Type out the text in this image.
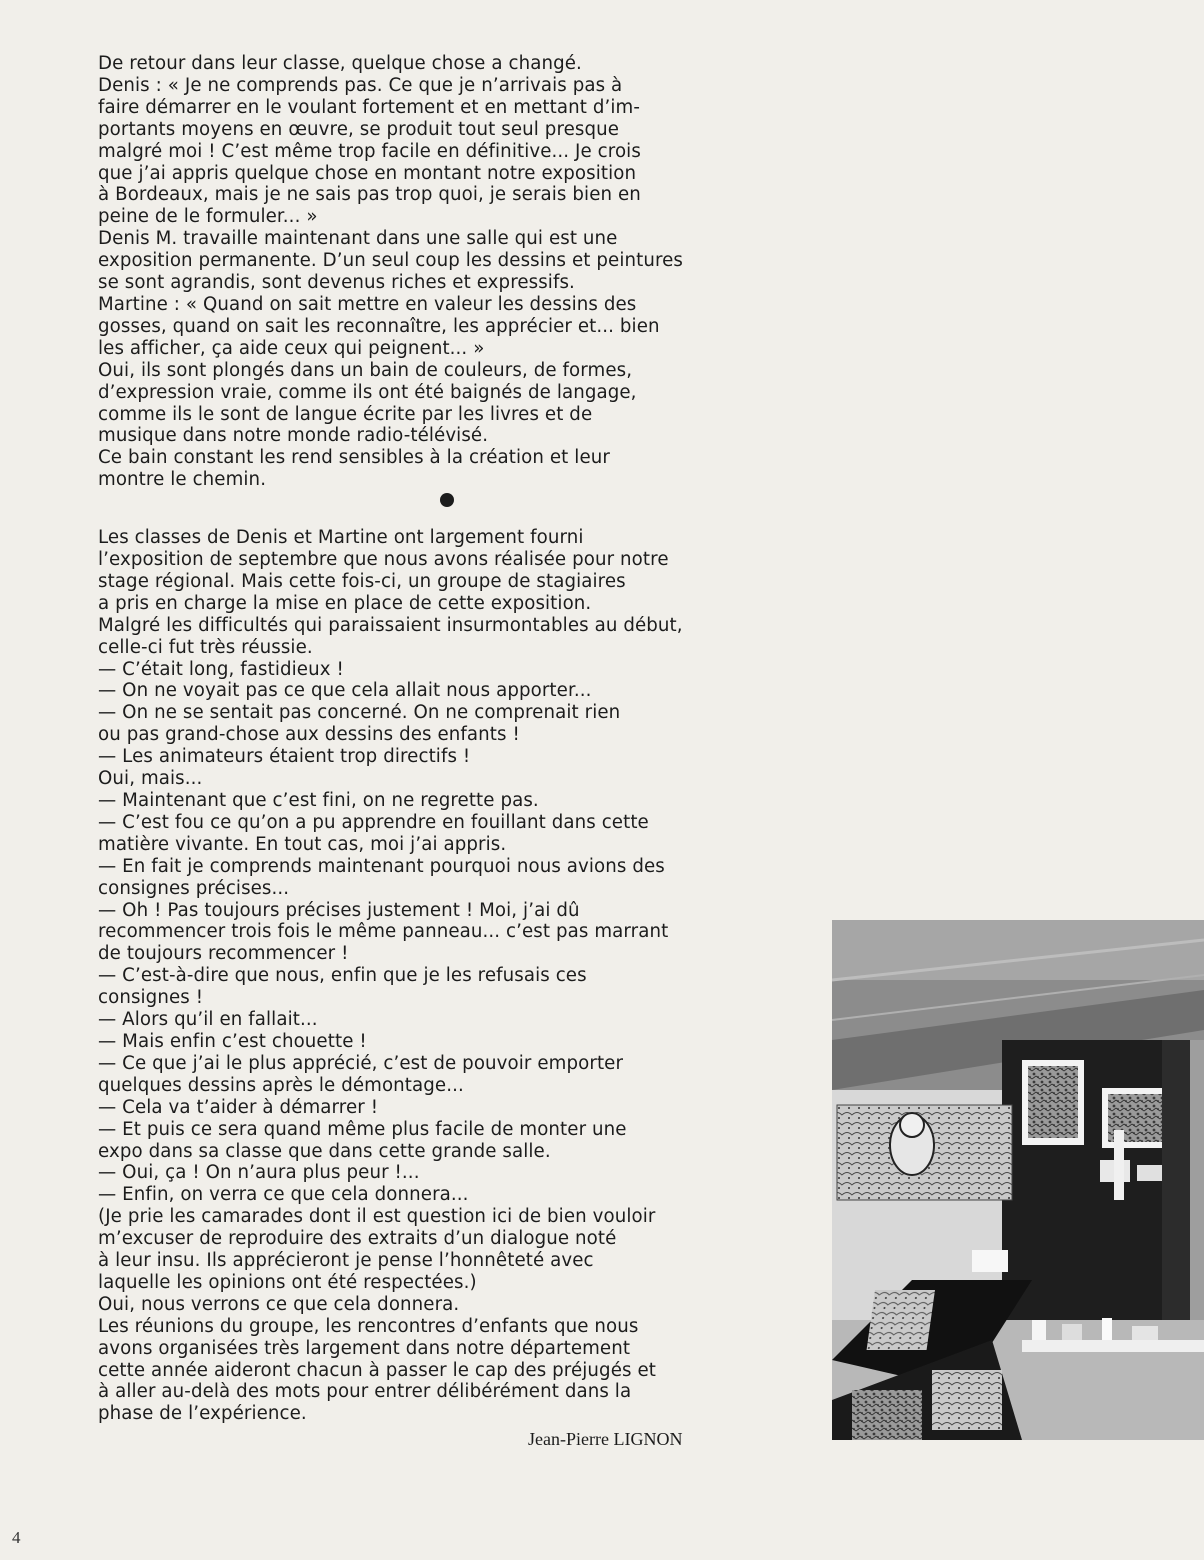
De retour dans leur classe, quelque chose a changé.
Denis : « Je ne comprends pas. Ce que je n’arrivais pas à
faire démarrer en le voulant fortement et en mettant d’im-
portants moyens en œuvre, se produit tout seul presque
malgré moi ! C’est même trop facile en définitive... Je crois
que j’ai appris quelque chose en montant notre exposition
à Bordeaux, mais je ne sais pas trop quoi, je serais bien en
peine de le formuler... »
Denis M. travaille maintenant dans une salle qui est une
exposition permanente. D’un seul coup les dessins et peintures
se sont agrandis, sont devenus riches et expressifs.
Martine : « Quand on sait mettre en valeur les dessins des
gosses, quand on sait les reconnaître, les apprécier et... bien
les afficher, ça aide ceux qui peignent... »
Oui, ils sont plongés dans un bain de couleurs, de formes,
d’expression vraie, comme ils ont été baignés de langage,
comme ils le sont de langue écrite par les livres et de
musique dans notre monde radio-télévisé.
Ce bain constant les rend sensibles à la création et leur
montre le chemin.
Les classes de Denis et Martine ont largement fourni
l’exposition de septembre que nous avons réalisée pour notre
stage régional. Mais cette fois-ci, un groupe de stagiaires
a pris en charge la mise en place de cette exposition.
Malgré les difficultés qui paraissaient insurmontables au début,
celle-ci fut très réussie.
— C’était long, fastidieux !
— On ne voyait pas ce que cela allait nous apporter...
— On ne se sentait pas concerné. On ne comprenait rien
ou pas grand-chose aux dessins des enfants !
— Les animateurs étaient trop directifs !
Oui, mais...
— Maintenant que c’est fini, on ne regrette pas.
— C’est fou ce qu’on a pu apprendre en fouillant dans cette
matière vivante. En tout cas, moi j’ai appris.
— En fait je comprends maintenant pourquoi nous avions des
consignes précises...
— Oh ! Pas toujours précises justement ! Moi, j’ai dû
recommencer trois fois le même panneau... c’est pas marrant
de toujours recommencer !
— C’est-à-dire que nous, enfin que je les refusais ces
consignes !
— Alors qu’il en fallait...
— Mais enfin c’est chouette !
— Ce que j’ai le plus apprécié, c’est de pouvoir emporter
quelques dessins après le démontage...
— Cela va t’aider à démarrer !
— Et puis ce sera quand même plus facile de monter une
expo dans sa classe que dans cette grande salle.
— Oui, ça ! On n’aura plus peur !...
— Enfin, on verra ce que cela donnera...
(Je prie les camarades dont il est question ici de bien vouloir
m’excuser de reproduire des extraits d’un dialogue noté
à leur insu. Ils apprécieront je pense l’honnêteté avec
laquelle les opinions ont été respectées.)
Oui, nous verrons ce que cela donnera.
Les réunions du groupe, les rencontres d’enfants que nous
avons organisées très largement dans notre département
cette année aideront chacun à passer le cap des préjugés et
à aller au-delà des mots pour entrer délibérément dans la
phase de l’expérience.
Jean-Pierre LIGNON
4
